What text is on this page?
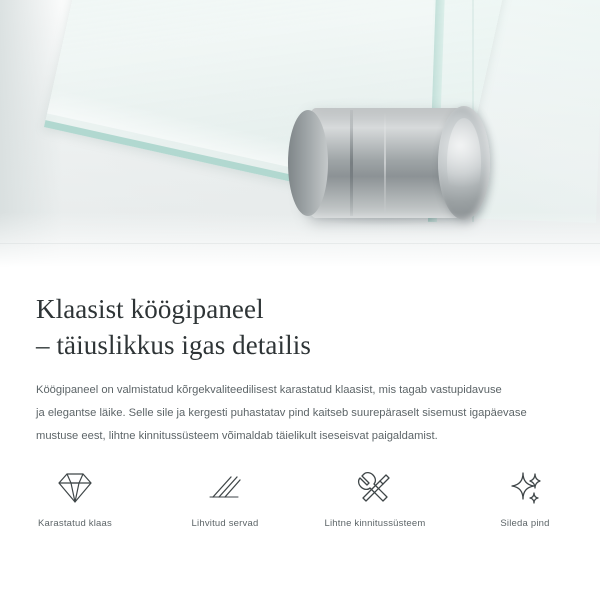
Klaasist köögipaneel
– täiuslikkus igas detailis
Köögipaneel on valmistatud kõrgekvaliteedilisest karastatud klaasist, mis tagab vastupidavuse
ja elegantse läike. Selle sile ja kergesti puhastatav pind kaitseb suurepäraselt sisemust igapäevase
mustuse eest, lihtne kinnitussüsteem võimaldab täielikult iseseisvat paigaldamist.
Karastatud klaas	Lihvitud servad	Lihtne kinnitussüsteem	Sileda pind
